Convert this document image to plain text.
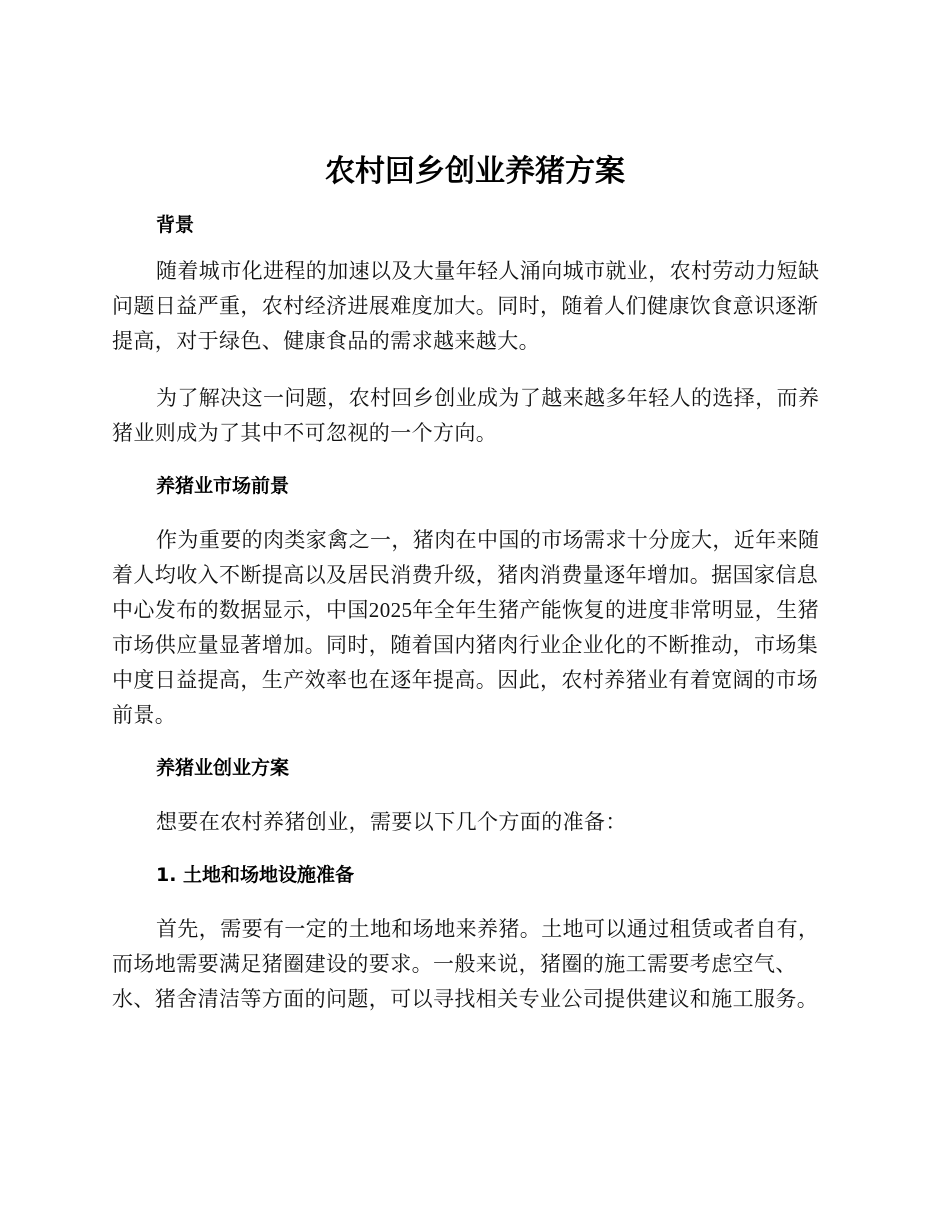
农村回乡创业养猪方案
背景

随着城市化进程的加速以及大量年轻人涌向城市就业，农村劳动力短缺问题日益严重，农村经济进展难度加大。同时，随着人们健康饮食意识逐渐提高，对于绿色、健康食品的需求越来越大。

为了解决这一问题，农村回乡创业成为了越来越多年轻人的选择，而养猪业则成为了其中不可忽视的一个方向。

养猪业市场前景

作为重要的肉类家禽之一，猪肉在中国的市场需求十分庞大，近年来随着人均收入不断提高以及居民消费升级，猪肉消费量逐年增加。据国家信息中心发布的数据显示，中国2025年全年生猪产能恢复的进度非常明显，生猪市场供应量显著增加。同时，随着国内猪肉行业企业化的不断推动，市场集中度日益提高，生产效率也在逐年提高。因此，农村养猪业有着宽阔的市场前景。

养猪业创业方案

想要在农村养猪创业，需要以下几个方面的准备：

1. 土地和场地设施准备

首先，需要有一定的土地和场地来养猪。土地可以通过租赁或者自有，而场地需要满足猪圈建设的要求。一般来说，猪圈的施工需要考虑空气、水、猪舍清洁等方面的问题，可以寻找相关专业公司提供建议和施工服务。
